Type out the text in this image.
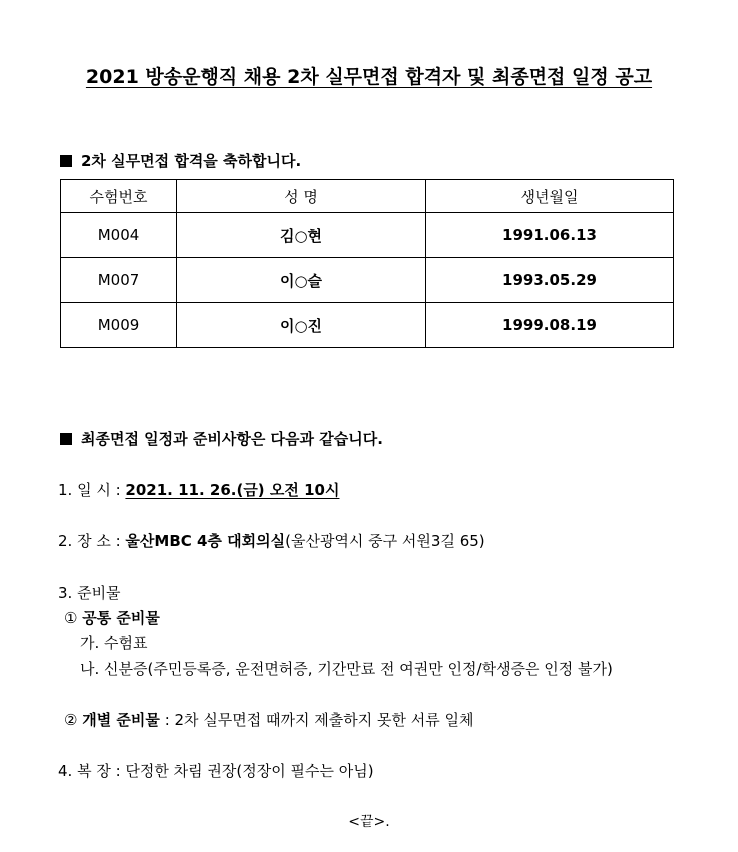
2021 방송운행직 채용 2차 실무면접 합격자 및 최종면접 일정 공고
2차 실무면접 합격을 축하합니다.
수험번호	성 명	생년월일
M004	김○현	1991.06.13
M007	이○슬	1993.05.29
M009	이○진	1999.08.19
최종면접 일정과 준비사항은 다음과 같습니다.
1. 일 시 : 2021. 11. 26.(금) 오전 10시
2. 장 소 : 울산MBC 4층 대회의실(울산광역시 중구 서원3길 65)
3. 준비물
① 공통 준비물
가. 수험표
나. 신분증(주민등록증, 운전면허증, 기간만료 전 여권만 인정/학생증은 인정 불가)
② 개별 준비물 : 2차 실무면접 때까지 제출하지 못한 서류 일체
4. 복 장 : 단정한 차림 권장(정장이 필수는 아님)
<끝>.
